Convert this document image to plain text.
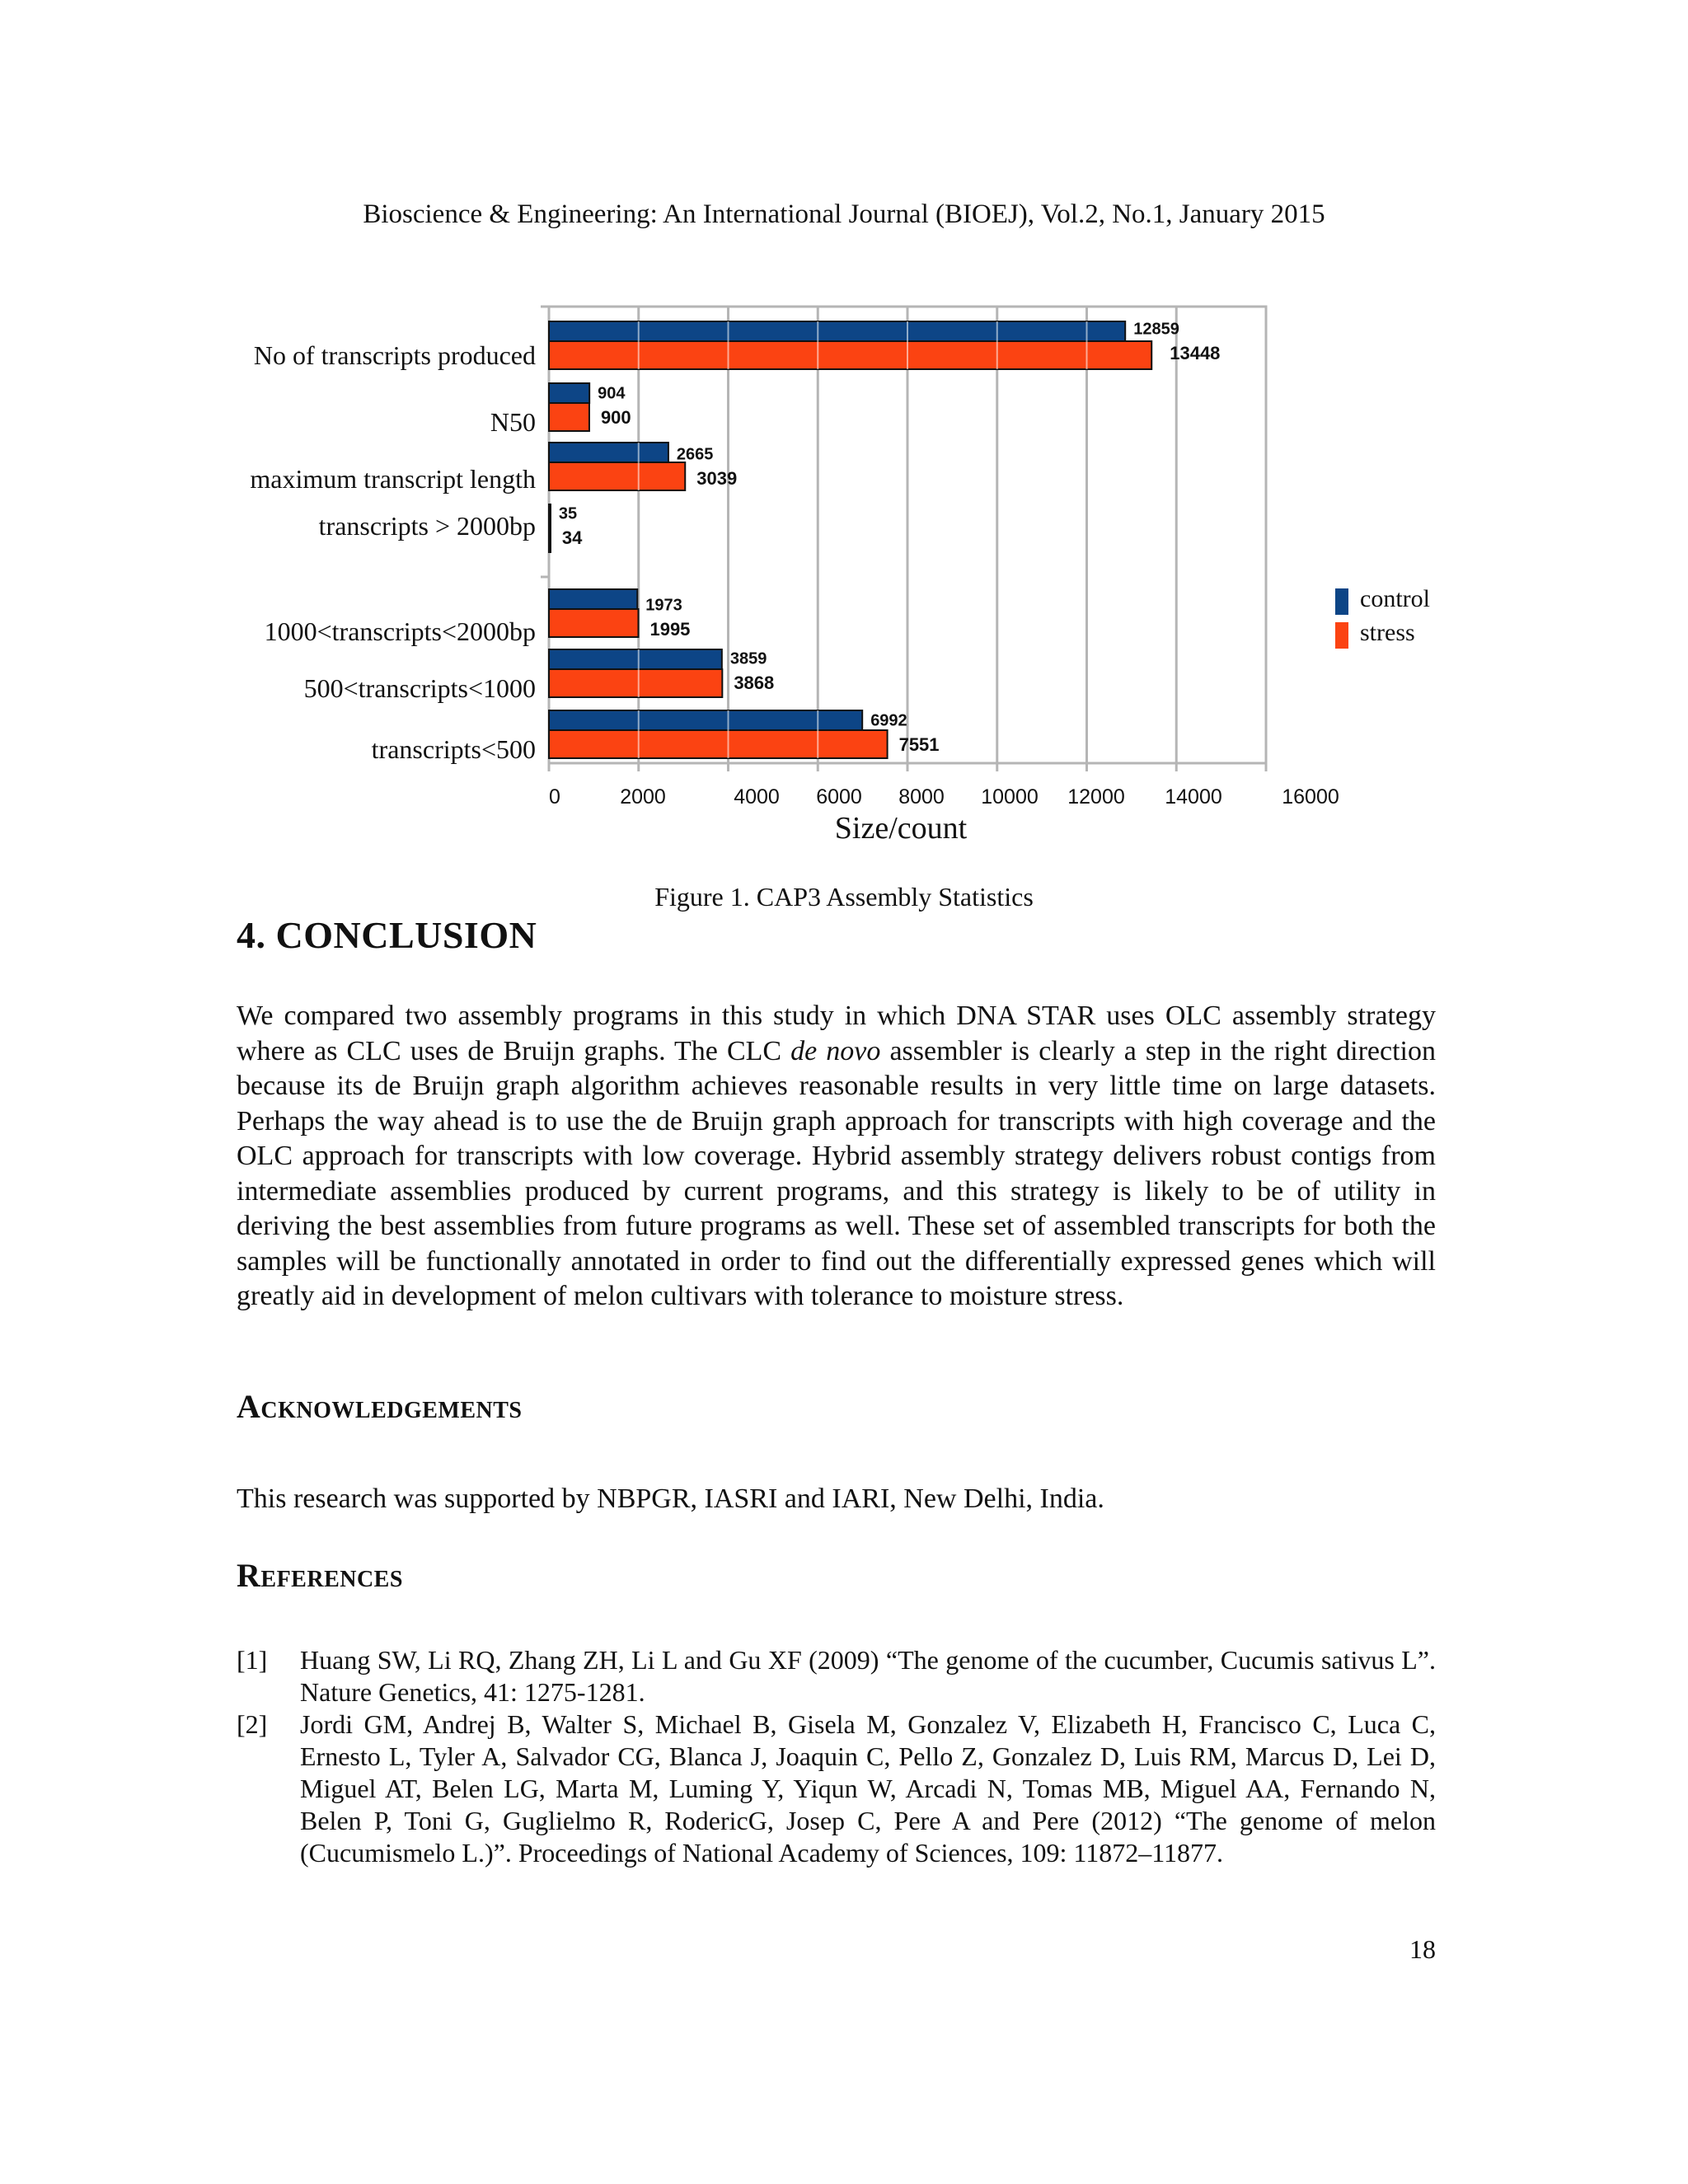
Bioscience & Engineering: An International Journal (BIOEJ), Vol.2, No.1, January 2015
0	2000	4000 6000 8000 10000 12000 14000	16000
12859
13448
No of transcripts produced
904
900
N50
2665
3039
maximum transcript length
35
34
transcripts > 2000bp
1973
1995
1000<transcripts<2000bp
3859
3868
500<transcripts<1000
6992
7551
transcripts<500
Size/count
control
stress
Figure 1. CAP3 Assembly Statistics
4. CONCLUSION

We compared two assembly programs in this study in which DNA STAR uses OLC assembly strategy where as CLC uses de Bruijn graphs. The CLC de novo assembler is clearly a step in the right direction because its de Bruijn graph algorithm achieves reasonable results in very little time on large datasets. Perhaps the way ahead is to use the de Bruijn graph approach for transcripts with high coverage and the OLC approach for transcripts with low coverage. Hybrid assembly strategy delivers robust contigs from intermediate assemblies produced by current programs, and this strategy is likely to be of utility in deriving the best assemblies from future programs as well. These set of assembled transcripts for both the samples will be functionally annotated in order to find out the differentially expressed genes which will greatly aid in development of melon cultivars with tolerance to moisture stress.

Acknowledgements
This research was supported by NBPGR, IASRI and IARI, New Delhi, India.
References
[1] Huang SW, Li RQ, Zhang ZH, Li L and Gu XF (2009) “The genome of the cucumber, Cucumis sativus L”. Nature Genetics, 41: 1275-1281.
[2] Jordi GM, Andrej B, Walter S, Michael B, Gisela M, Gonzalez V, Elizabeth H, Francisco C, Luca C, Ernesto L, Tyler A, Salvador CG, Blanca J, Joaquin C, Pello Z, Gonzalez D, Luis RM, Marcus D, Lei D, Miguel AT, Belen LG, Marta M, Luming Y, Yiqun W, Arcadi N, Tomas MB, Miguel AA, Fernando N, Belen P, Toni G, Guglielmo R, RodericG, Josep C, Pere A and Pere (2012) “The genome of melon (Cucumismelo L.)”. Proceedings of National Academy of Sciences, 109: 11872–11877.
18
